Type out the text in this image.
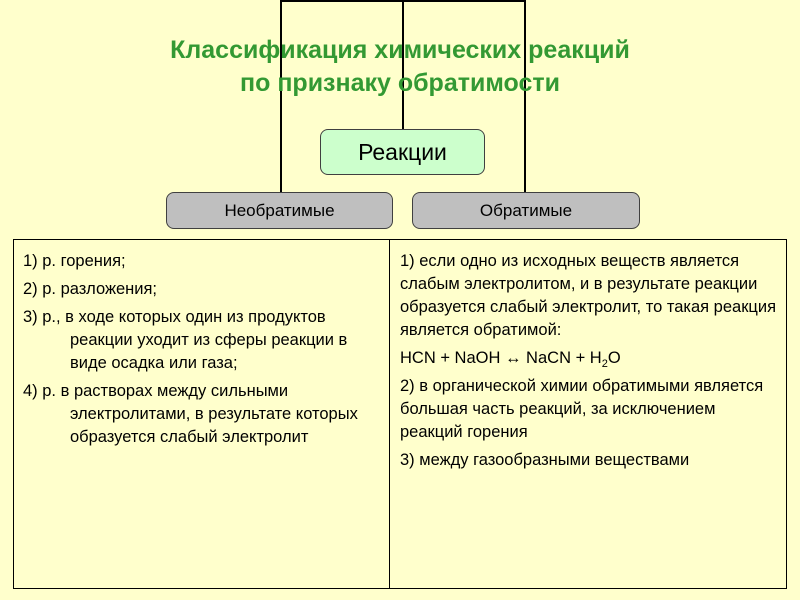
Классификация химических реакций
по признаку обратимости
Реакции
Необратимые	Обратимые
1) р. горения;
2) р. разложения;
3) р., в ходе которых один из продуктов реакции уходит из сферы реакции в виде осадка или газа;
4) р. в растворах между сильными электролитами, в результате которых образуется слабый электролит
1) если одно из исходных веществ является слабым электролитом, и в результате реакции образуется слабый электролит, то такая реакция является обратимой:
HCN + NaOH ↔ NaCN + $H_2O$
2) в органической химии обратимыми является большая часть реакций, за исключением реакций горения
3) между газообразными веществами
